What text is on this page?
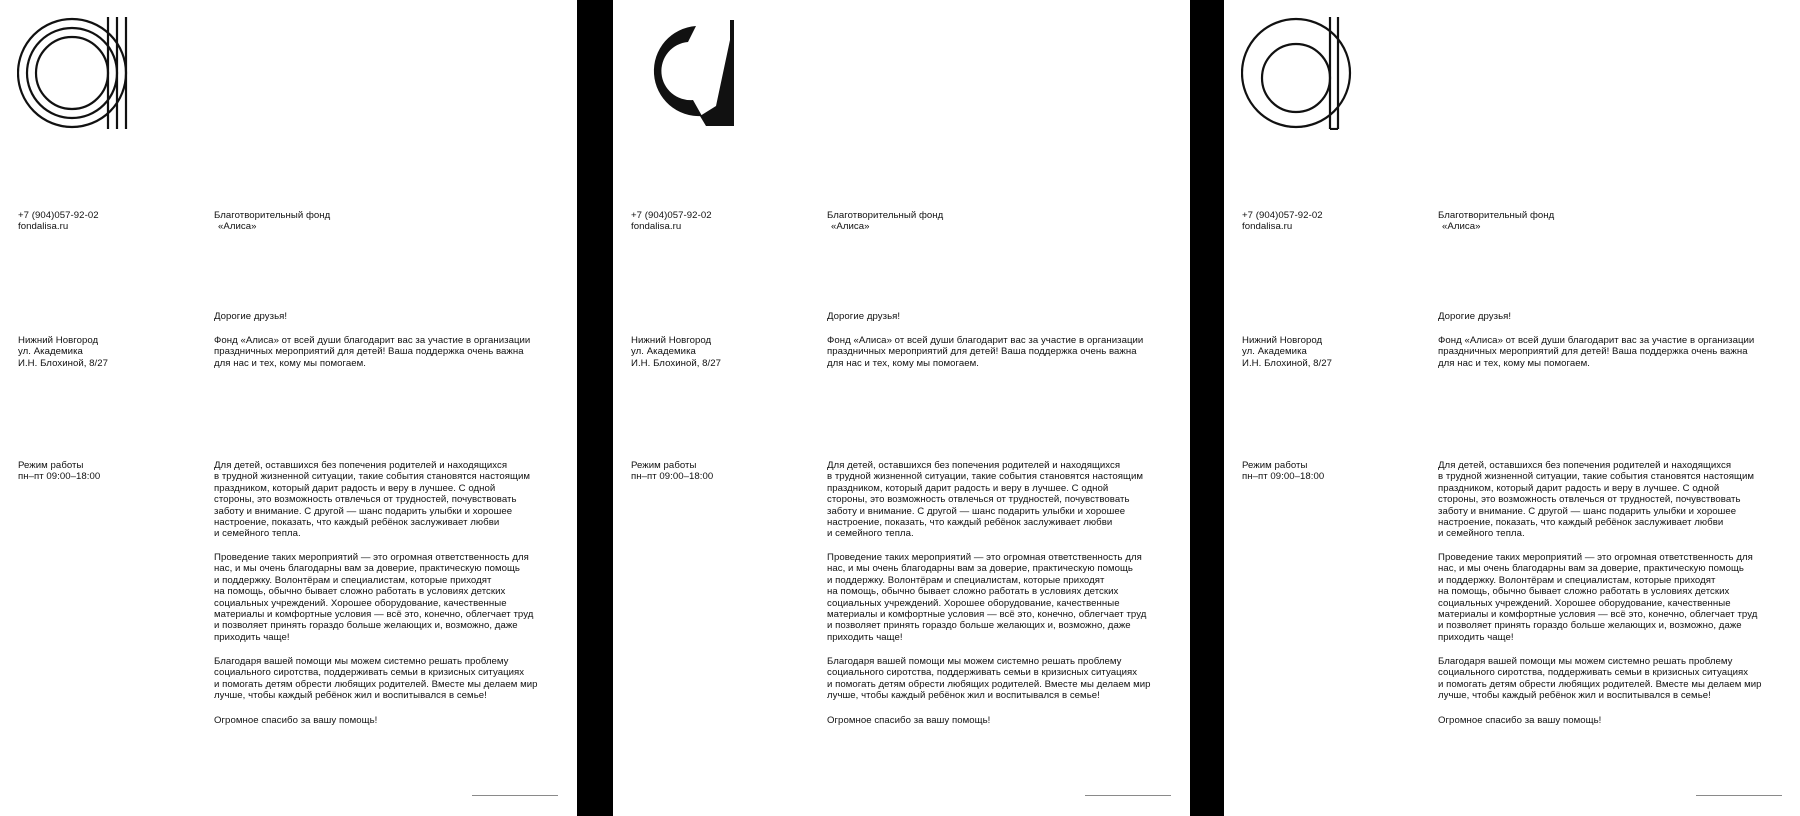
+7 (904)057-92-02
fondalisa.ru
Благотворительный фонд
«Алиса»
Нижний Новгород
ул. Академика
И.Н. Блохиной, 8/27
Режим работы
пн–пт 09:00–18:00
Дорогие друзья!
Фонд «Алиса» от всей души благодарит вас за участие в организации
праздничных мероприятий для детей! Ваша поддержка очень важна
для нас и тех, кому мы помогаем.
Для детей, оставшихся без попечения родителей и находящихся
в трудной жизненной ситуации, такие события становятся настоящим
праздником, который дарит радость и веру в лучшее. С одной
стороны, это возможность отвлечься от трудностей, почувствовать
заботу и внимание. С другой — шанс подарить улыбки и хорошее
настроение, показать, что каждый ребёнок заслуживает любви
и семейного тепла.
Проведение таких мероприятий — это огромная ответственность для
нас, и мы очень благодарны вам за доверие, практическую помощь
и поддержку. Волонтёрам и специалистам, которые приходят
на помощь, обычно бывает сложно работать в условиях детских
социальных учреждений. Хорошее оборудование, качественные
материалы и комфортные условия — всё это, конечно, облегчает труд
и позволяет принять гораздо больше желающих и, возможно, даже
приходить чаще!
Благодаря вашей помощи мы можем системно решать проблему
социального сиротства, поддерживать семьи в кризисных ситуациях
и помогать детям обрести любящих родителей. Вместе мы делаем мир
лучше, чтобы каждый ребёнок жил и воспитывался в семье!
Огромное спасибо за вашу помощь!
+7 (904)057-92-02
fondalisa.ru
Благотворительный фонд
«Алиса»
Нижний Новгород
ул. Академика
И.Н. Блохиной, 8/27
Режим работы
пн–пт 09:00–18:00
Дорогие друзья!
Фонд «Алиса» от всей души благодарит вас за участие в организации
праздничных мероприятий для детей! Ваша поддержка очень важна
для нас и тех, кому мы помогаем.
Для детей, оставшихся без попечения родителей и находящихся
в трудной жизненной ситуации, такие события становятся настоящим
праздником, который дарит радость и веру в лучшее. С одной
стороны, это возможность отвлечься от трудностей, почувствовать
заботу и внимание. С другой — шанс подарить улыбки и хорошее
настроение, показать, что каждый ребёнок заслуживает любви
и семейного тепла.
Проведение таких мероприятий — это огромная ответственность для
нас, и мы очень благодарны вам за доверие, практическую помощь
и поддержку. Волонтёрам и специалистам, которые приходят
на помощь, обычно бывает сложно работать в условиях детских
социальных учреждений. Хорошее оборудование, качественные
материалы и комфортные условия — всё это, конечно, облегчает труд
и позволяет принять гораздо больше желающих и, возможно, даже
приходить чаще!
Благодаря вашей помощи мы можем системно решать проблему
социального сиротства, поддерживать семьи в кризисных ситуациях
и помогать детям обрести любящих родителей. Вместе мы делаем мир
лучше, чтобы каждый ребёнок жил и воспитывался в семье!
Огромное спасибо за вашу помощь!
+7 (904)057-92-02
fondalisa.ru
Благотворительный фонд
«Алиса»
Нижний Новгород
ул. Академика
И.Н. Блохиной, 8/27
Режим работы
пн–пт 09:00–18:00
Дорогие друзья!
Фонд «Алиса» от всей души благодарит вас за участие в организации
праздничных мероприятий для детей! Ваша поддержка очень важна
для нас и тех, кому мы помогаем.
Для детей, оставшихся без попечения родителей и находящихся
в трудной жизненной ситуации, такие события становятся настоящим
праздником, который дарит радость и веру в лучшее. С одной
стороны, это возможность отвлечься от трудностей, почувствовать
заботу и внимание. С другой — шанс подарить улыбки и хорошее
настроение, показать, что каждый ребёнок заслуживает любви
и семейного тепла.
Проведение таких мероприятий — это огромная ответственность для
нас, и мы очень благодарны вам за доверие, практическую помощь
и поддержку. Волонтёрам и специалистам, которые приходят
на помощь, обычно бывает сложно работать в условиях детских
социальных учреждений. Хорошее оборудование, качественные
материалы и комфортные условия — всё это, конечно, облегчает труд
и позволяет принять гораздо больше желающих и, возможно, даже
приходить чаще!
Благодаря вашей помощи мы можем системно решать проблему
социального сиротства, поддерживать семьи в кризисных ситуациях
и помогать детям обрести любящих родителей. Вместе мы делаем мир
лучше, чтобы каждый ребёнок жил и воспитывался в семье!
Огромное спасибо за вашу помощь!
